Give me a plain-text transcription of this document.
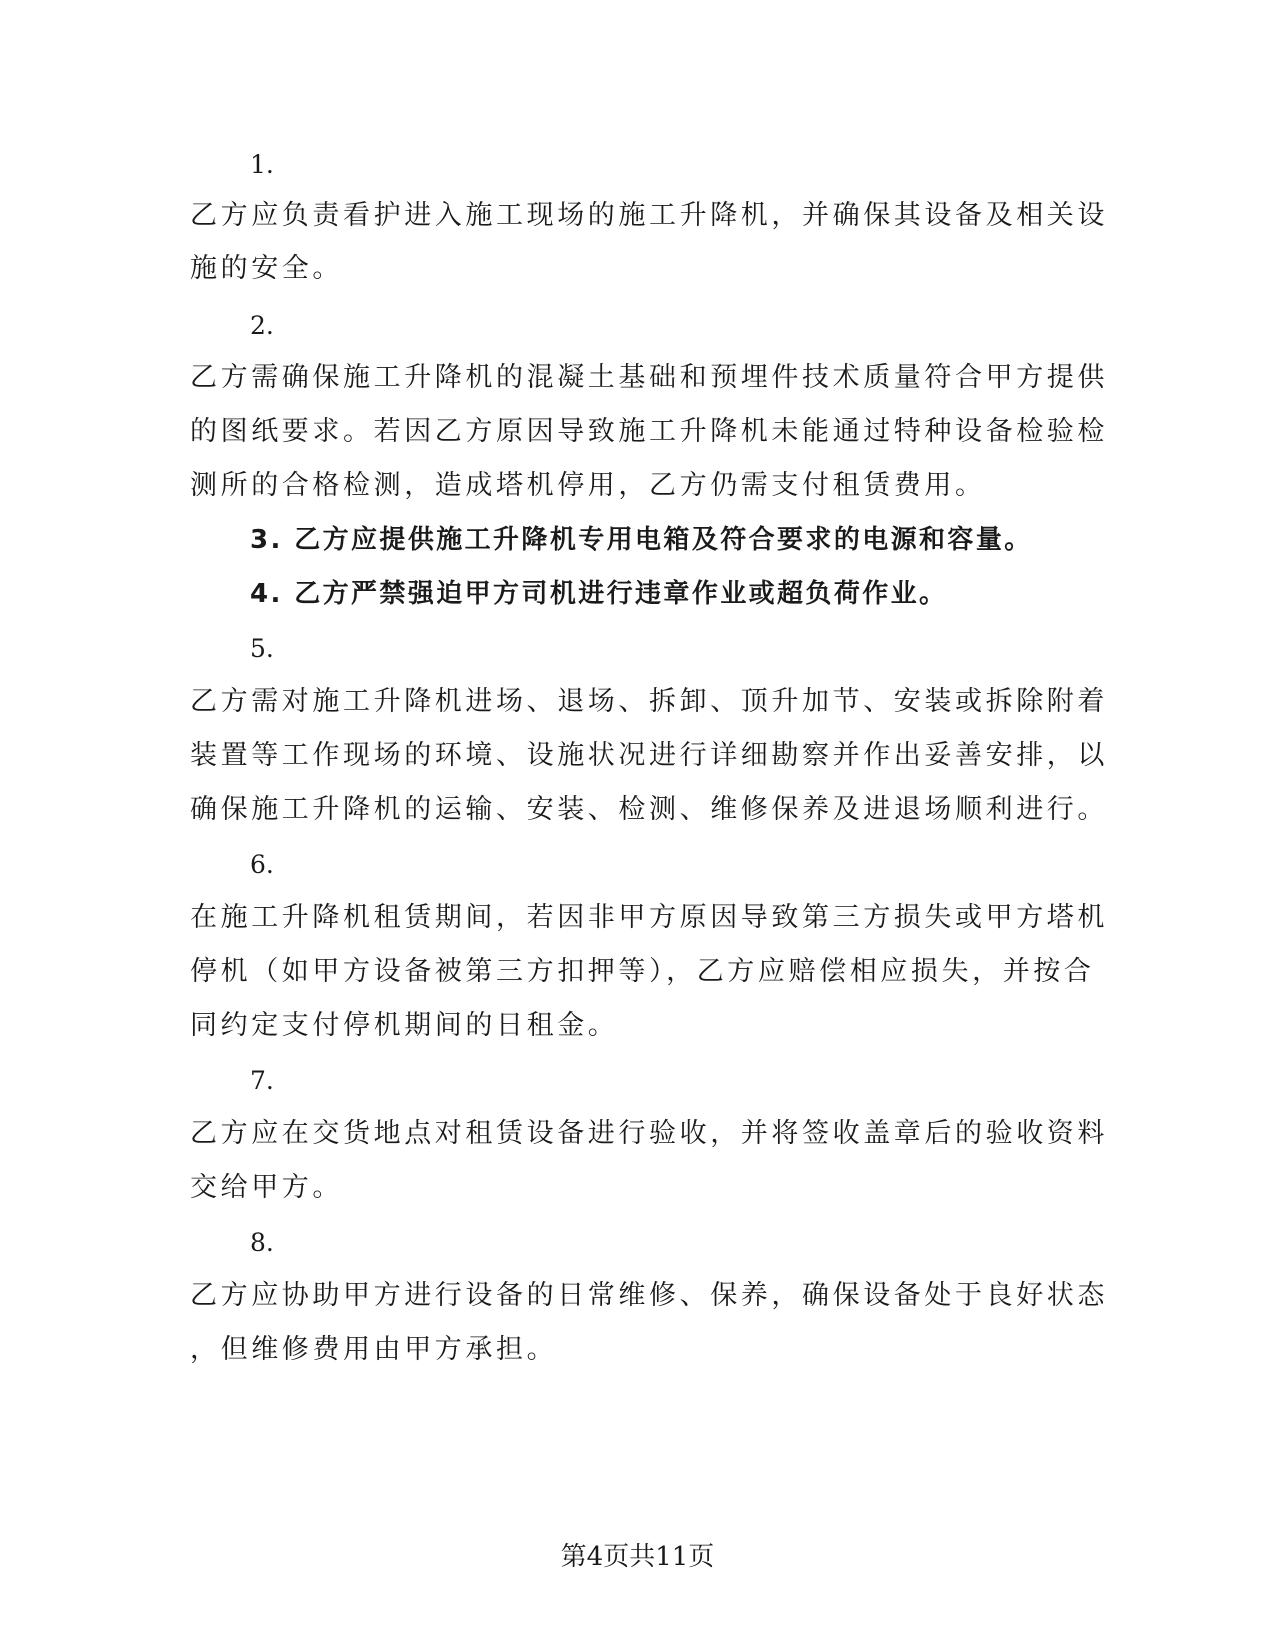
1.
乙方应负责看护进入施工现场的施工升降机，并确保其设备及相关设
施的安全。
2.
乙方需确保施工升降机的混凝土基础和预埋件技术质量符合甲方提供
的图纸要求。若因乙方原因导致施工升降机未能通过特种设备检验检
测所的合格检测，造成塔机停用，乙方仍需支付租赁费用。
3. 乙方应提供施工升降机专用电箱及符合要求的电源和容量。
4. 乙方严禁强迫甲方司机进行违章作业或超负荷作业。
5.
乙方需对施工升降机进场、退场、拆卸、顶升加节、安装或拆除附着
装置等工作现场的环境、设施状况进行详细勘察并作出妥善安排，以
确保施工升降机的运输、安装、检测、维修保养及进退场顺利进行。
6.
在施工升降机租赁期间，若因非甲方原因导致第三方损失或甲方塔机
停机（如甲方设备被第三方扣押等），乙方应赔偿相应损失，并按合
同约定支付停机期间的日租金。
7.
乙方应在交货地点对租赁设备进行验收，并将签收盖章后的验收资料
交给甲方。
8.
乙方应协助甲方进行设备的日常维修、保养，确保设备处于良好状态
，但维修费用由甲方承担。
第4页共11页
